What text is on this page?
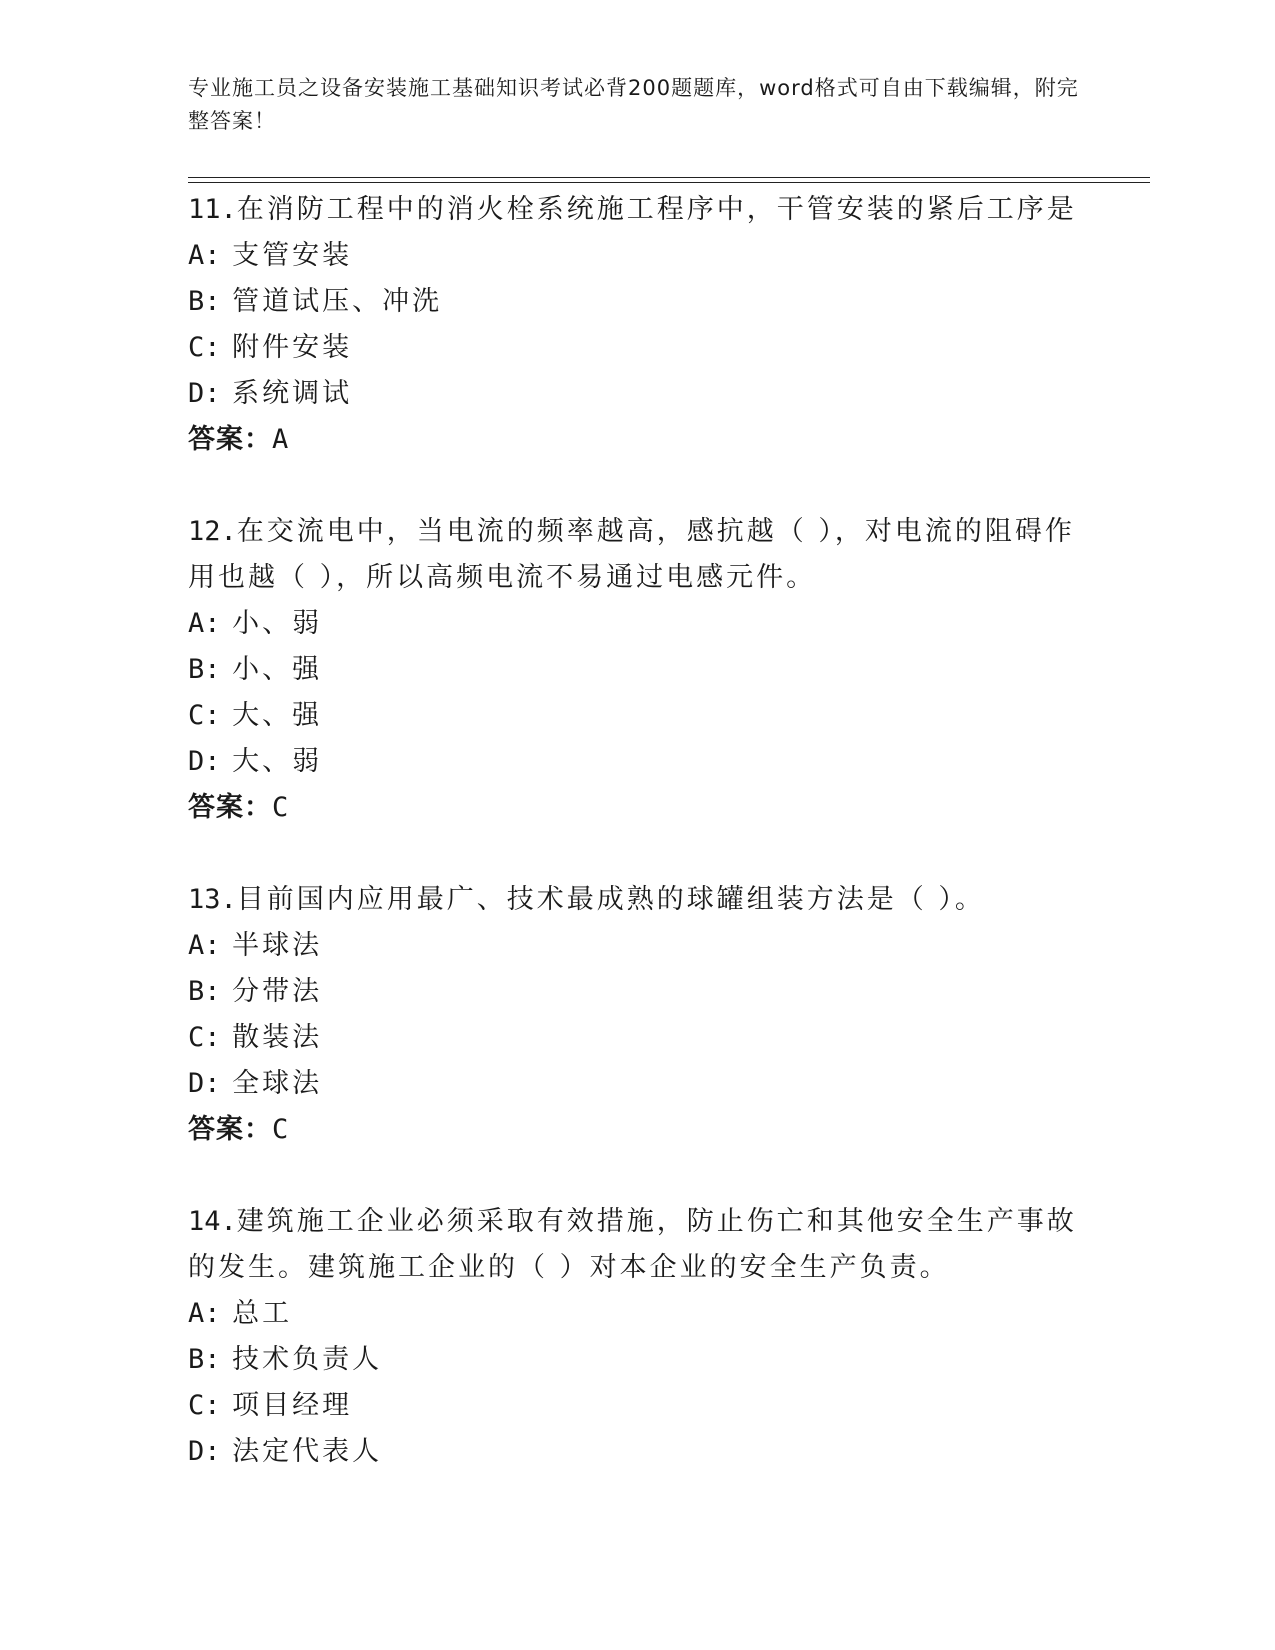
专业施工员之设备安装施工基础知识考试必背200题题库，word格式可自由下载编辑，附完整答案！
11.在消防工程中的消火栓系统施工程序中，干管安装的紧后工序是
A: 支管安装
B: 管道试压、冲洗
C: 附件安装
D: 系统调试
答案：A
12.在交流电中，当电流的频率越高，感抗越（ ），对电流的阻碍作用也越（ ），所以高频电流不易通过电感元件。
A: 小、弱
B: 小、强
C: 大、强
D: 大、弱
答案：C
13.目前国内应用最广、技术最成熟的球罐组装方法是（ ）。
A: 半球法
B: 分带法
C: 散装法
D: 全球法
答案：C
14.建筑施工企业必须采取有效措施，防止伤亡和其他安全生产事故的发生。建筑施工企业的（ ）对本企业的安全生产负责。
A: 总工
B: 技术负责人
C: 项目经理
D: 法定代表人
